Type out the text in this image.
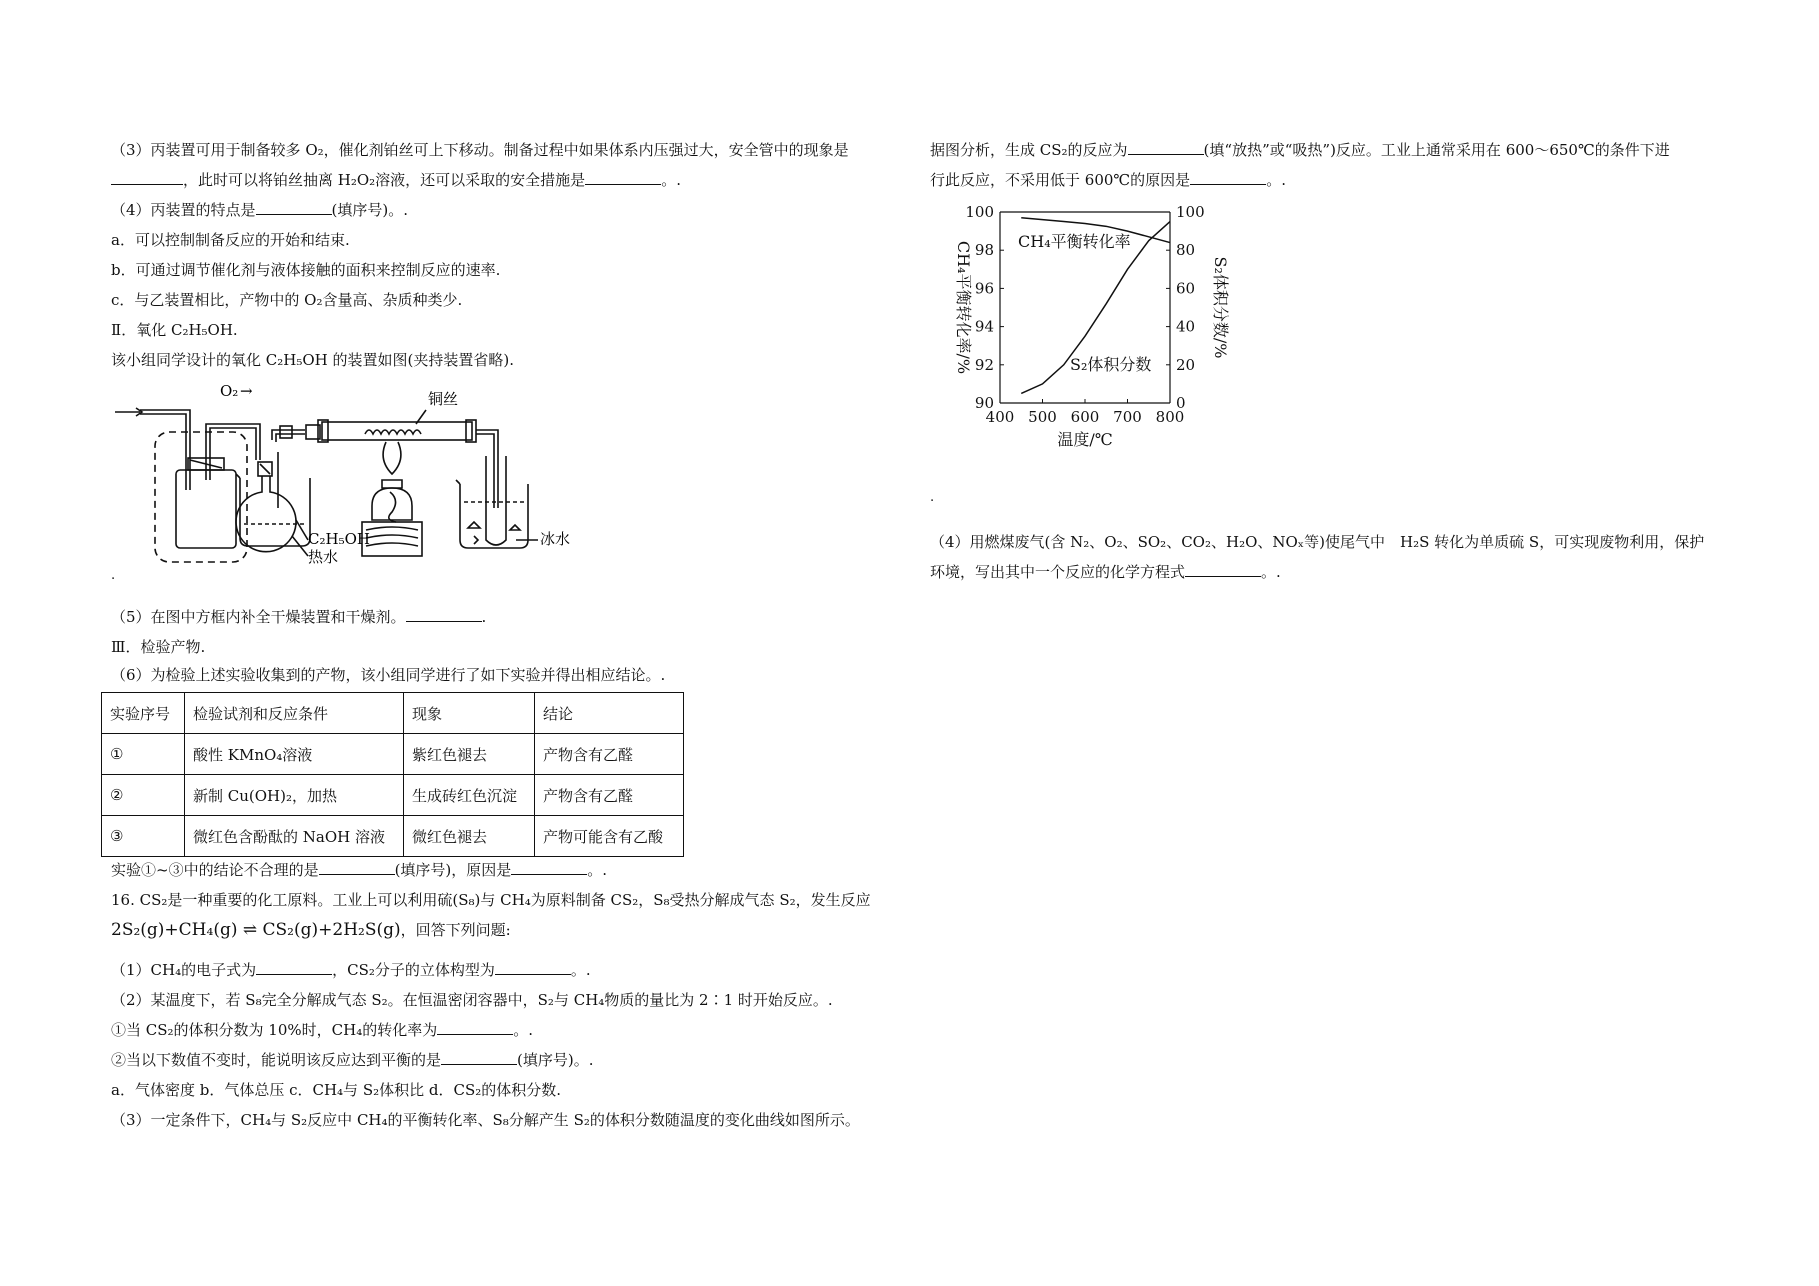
（3）丙装置可用于制备较多 O₂，催化剂铂丝可上下移动。制备过程中如果体系内压强过大，安全管中的现象是
，此时可以将铂丝抽离 H₂O₂溶液，还可以采取的安全措施是	。.
（4）丙装置的特点是	(填序号)。.
a．可以控制制备反应的开始和结束.
b．可通过调节催化剂与液体接触的面积来控制反应的速率.
c．与乙装置相比，产物中的 O₂含量高、杂质种类少.
Ⅱ．氧化 C₂H₅OH.
该小组同学设计的氧化 C₂H₅OH 的装置如图(夹持装置省略).
O₂ →	铜丝
C₂H₅OH
热水
冰水
.
（5）在图中方框内补全干燥装置和干燥剂。	.
Ⅲ．检验产物.
（6）为检验上述实验收集到的产物，该小组同学进行了如下实验并得出相应结论。.
实验序号	检验试剂和反应条件	现象	结论
①	酸性 KMnO₄溶液	紫红色褪去	产物含有乙醛
②	新制 Cu(OH)₂，加热	生成砖红色沉淀	产物含有乙醛
③	微红色含酚酞的 NaOH 溶液	微红色褪去	产物可能含有乙酸
实验①~③中的结论不合理的是	(填序号)，原因是	。.
16. CS₂是一种重要的化工原料。工业上可以利用硫(S₈)与 CH₄为原料制备 CS₂，S₈受热分解成气态 S₂，发生反应
2S₂(g)+CH₄(g) ⇌ CS₂(g)+2H₂S(g)，回答下列问题:
（1）CH₄的电子式为	，CS₂分子的立体构型为	。.
（2）某温度下，若 S₈完全分解成气态 S₂。在恒温密闭容器中，S₂与 CH₄物质的量比为 2∶1 时开始反应。.
①当 CS₂的体积分数为 10%时，CH₄的转化率为	。.
②当以下数值不变时，能说明该反应达到平衡的是	(填序号)。.
a．气体密度 b．气体总压 c．CH₄与 S₂体积比 d．CS₂的体积分数.
（3）一定条件下，CH₄与 S₂反应中 CH₄的平衡转化率、S₈分解产生 S₂的体积分数随温度的变化曲线如图所示。
据图分析，生成 CS₂的反应为	(填“放热”或“吸热”)反应。工业上通常采用在 600～650℃的条件下进
行此反应，不采用低于 600℃的原因是	。.
400 500 600 700 800
90
92
94
96
98
100
0
20
40
60
80
100
CH₄平衡转化率
S₂体积分数
温度/℃
CH₄平衡转化率/%	S₂体积分数/%
.
（4）用燃煤废气(含 N₂、O₂、SO₂、CO₂、H₂O、NOₓ等)使尾气中　H₂S 转化为单质硫 S，可实现废物利用，保护
环境，写出其中一个反应的化学方程式	。.
